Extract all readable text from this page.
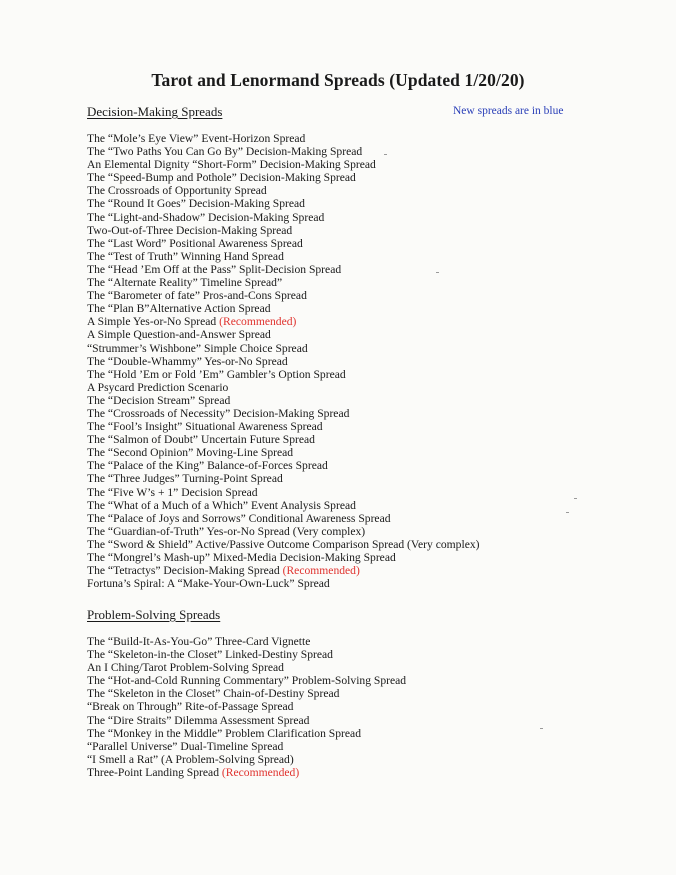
Tarot and Lenormand Spreads (Updated 1/20/20)
Decision-Making Spreads	New spreads are in blue
The “Mole’s Eye View” Event-Horizon Spread
The “Two Paths You Can Go By” Decision-Making Spread
An Elemental Dignity “Short-Form” Decision-Making Spread
The “Speed-Bump and Pothole” Decision-Making Spread
The Crossroads of Opportunity Spread
The “Round It Goes” Decision-Making Spread
The “Light-and-Shadow” Decision-Making Spread
Two-Out-of-Three Decision-Making Spread
The “Last Word” Positional Awareness Spread
The “Test of Truth” Winning Hand Spread
The “Head ’Em Off at the Pass” Split-Decision Spread
The “Alternate Reality” Timeline Spread”
The “Barometer of fate” Pros-and-Cons Spread
The “Plan B”Alternative Action Spread
A Simple Yes-or-No Spread (Recommended)
A Simple Question-and-Answer Spread
“Strummer’s Wishbone” Simple Choice Spread
The “Double-Whammy” Yes-or-No Spread
The “Hold ’Em or Fold ’Em” Gambler’s Option Spread
A Psycard Prediction Scenario
The “Decision Stream” Spread
The “Crossroads of Necessity” Decision-Making Spread
The “Fool’s Insight” Situational Awareness Spread
The “Salmon of Doubt” Uncertain Future Spread
The “Second Opinion” Moving-Line Spread
The “Palace of the King” Balance-of-Forces Spread
The “Three Judges” Turning-Point Spread
The “Five W’s + 1” Decision Spread
The “What of a Much of a Which” Event Analysis Spread
The “Palace of Joys and Sorrows” Conditional Awareness Spread
The “Guardian-of-Truth” Yes-or-No Spread (Very complex)
The “Sword & Shield” Active/Passive Outcome Comparison Spread (Very complex)
The “Mongrel’s Mash-up” Mixed-Media Decision-Making Spread
The “Tetractys” Decision-Making Spread (Recommended)
Fortuna’s Spiral: A “Make-Your-Own-Luck” Spread
Problem-Solving Spreads
The “Build-It-As-You-Go” Three-Card Vignette
The “Skeleton-in-the Closet” Linked-Destiny Spread
An I Ching/Tarot Problem-Solving Spread
The “Hot-and-Cold Running Commentary” Problem-Solving Spread
The “Skeleton in the Closet” Chain-of-Destiny Spread
“Break on Through” Rite-of-Passage Spread
The “Dire Straits” Dilemma Assessment Spread
The “Monkey in the Middle” Problem Clarification Spread
“Parallel Universe” Dual-Timeline Spread
“I Smell a Rat” (A Problem-Solving Spread)
Three-Point Landing Spread (Recommended)
